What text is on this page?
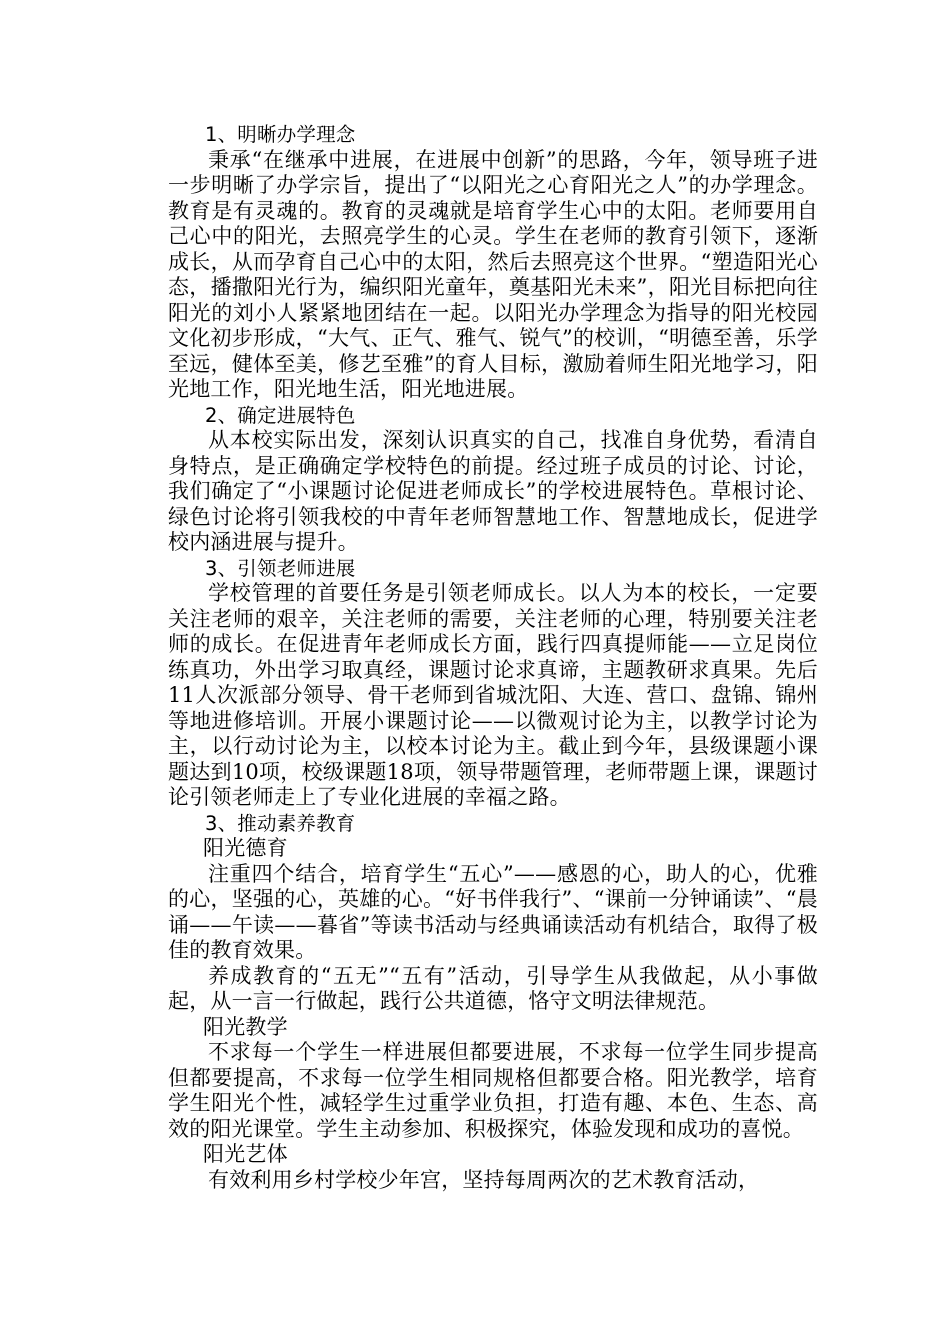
1、明晰办学理念

秉承“在继承中进展，在进展中创新”的思路，今年，领导班子进一步明晰了办学宗旨，提出了“以阳光之心育阳光之人”的办学理念。教育是有灵魂的。教育的灵魂就是培育学生心中的太阳。老师要用自己心中的阳光，去照亮学生的心灵。学生在老师的教育引领下，逐渐成长，从而孕育自己心中的太阳，然后去照亮这个世界。“塑造阳光心态，播撒阳光行为，编织阳光童年，奠基阳光未来”，阳光目标把向往阳光的刘小人紧紧地团结在一起。以阳光办学理念为指导的阳光校园文化初步形成，“大气、正气、雅气、锐气”的校训，“明德至善，乐学至远，健体至美，修艺至雅”的育人目标，激励着师生阳光地学习，阳光地工作，阳光地生活，阳光地进展。

2、确定进展特色

从本校实际出发，深刻认识真实的自己，找准自身优势，看清自身特点，是正确确定学校特色的前提。经过班子成员的讨论、讨论，我们确定了“小课题讨论促进老师成长”的学校进展特色。草根讨论、绿色讨论将引领我校的中青年老师智慧地工作、智慧地成长，促进学校内涵进展与提升。

3、引领老师进展

学校管理的首要任务是引领老师成长。以人为本的校长，一定要关注老师的艰辛，关注老师的需要，关注老师的心理，特别要关注老师的成长。在促进青年老师成长方面，践行四真提师能——立足岗位练真功，外出学习取真经，课题讨论求真谛，主题教研求真果。先后11人次派部分领导、骨干老师到省城沈阳、大连、营口、盘锦、锦州等地进修培训。开展小课题讨论——以微观讨论为主，以教学讨论为主，以行动讨论为主，以校本讨论为主。截止到今年，县级课题小课题达到10项，校级课题18项，领导带题管理，老师带题上课，课题讨论引领老师走上了专业化进展的幸福之路。

3、推动素养教育

阳光德育

注重四个结合，培育学生“五心”——感恩的心，助人的心，优雅的心，坚强的心，英雄的心。“好书伴我行”、“课前一分钟诵读”、“晨诵——午读——暮省”等读书活动与经典诵读活动有机结合，取得了极佳的教育效果。

养成教育的“五无”“五有”活动，引导学生从我做起，从小事做起，从一言一行做起，践行公共道德，恪守文明法律规范。

阳光教学

不求每一个学生一样进展但都要进展，不求每一位学生同步提高但都要提高，不求每一位学生相同规格但都要合格。阳光教学，培育学生阳光个性，减轻学生过重学业负担，打造有趣、本色、生态、高效的阳光课堂。学生主动参加、积极探究，体验发现和成功的喜悦。

阳光艺体

有效利用乡村学校少年宫，坚持每周两次的艺术教育活动，
